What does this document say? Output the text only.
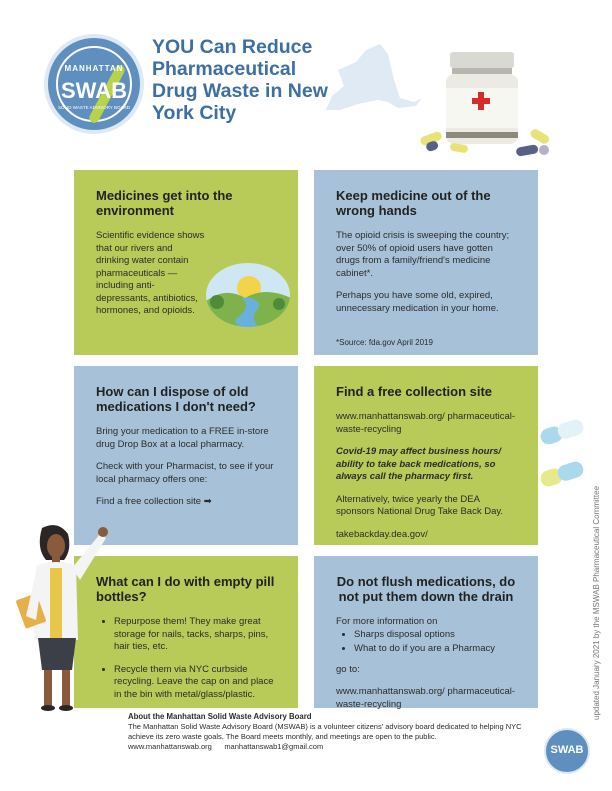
MANHATTAN
SWAB
SOLID WASTE ADVISORY BOARD
YOU Can Reduce Pharmaceutical Drug Waste in New York City
Medicines get into the environment

Scientific evidence shows that our rivers and drinking water contain pharmaceuticals — including anti-depressants, antibiotics, hormones, and opioids.

Keep medicine out of the wrong hands

The opioid crisis is sweeping the country; over 50% of opioid users have gotten drugs from a family/friend's medicine cabinet*.

Perhaps you have some old, expired, unnecessary medication in your home.

*Source: fda.gov April 2019

How can I dispose of old medications I don't need?

Bring your medication to a FREE in-store drug Drop Box at a local pharmacy.

Check with your Pharmacist, to see if your local pharmacy offers one:

Find a free collection site ➡

Find a free collection site

www.manhattanswab.org/ pharmaceutical-waste-recycling

Covid-19 may affect business hours/ ability to take back medications, so always call the pharmacy first.

Alternatively, twice yearly the DEA sponsors National Drug Take Back Day.

takebackday.dea.gov/

What can I do with empty pill bottles?
• Repurpose them! They make great storage for nails, tacks, sharps, pins, hair ties, etc.
• Recycle them via NYC curbside recycling. Leave the cap on and place in the bin with metal/glass/plastic.
Do not flush medications, do not put them down the drain

For more information on

• Sharps disposal options
• What to do if you are a Pharmacy

go to:

www.manhattanswab.org/ pharmaceutical-waste-recycling	updated January 2021 by the MSWAB Pharmaceutical Committee
About the Manhattan Solid Waste Advisory Board
The Manhattan Solid Waste Advisory Board (MSWAB) is a volunteer citizens' advisory board dedicated to helping NYC achieve its zero waste goals. The Board meets monthly, and meetings are open to the public.
www.manhattanswab.org manhattanswab1@gmail.com	SWAB
